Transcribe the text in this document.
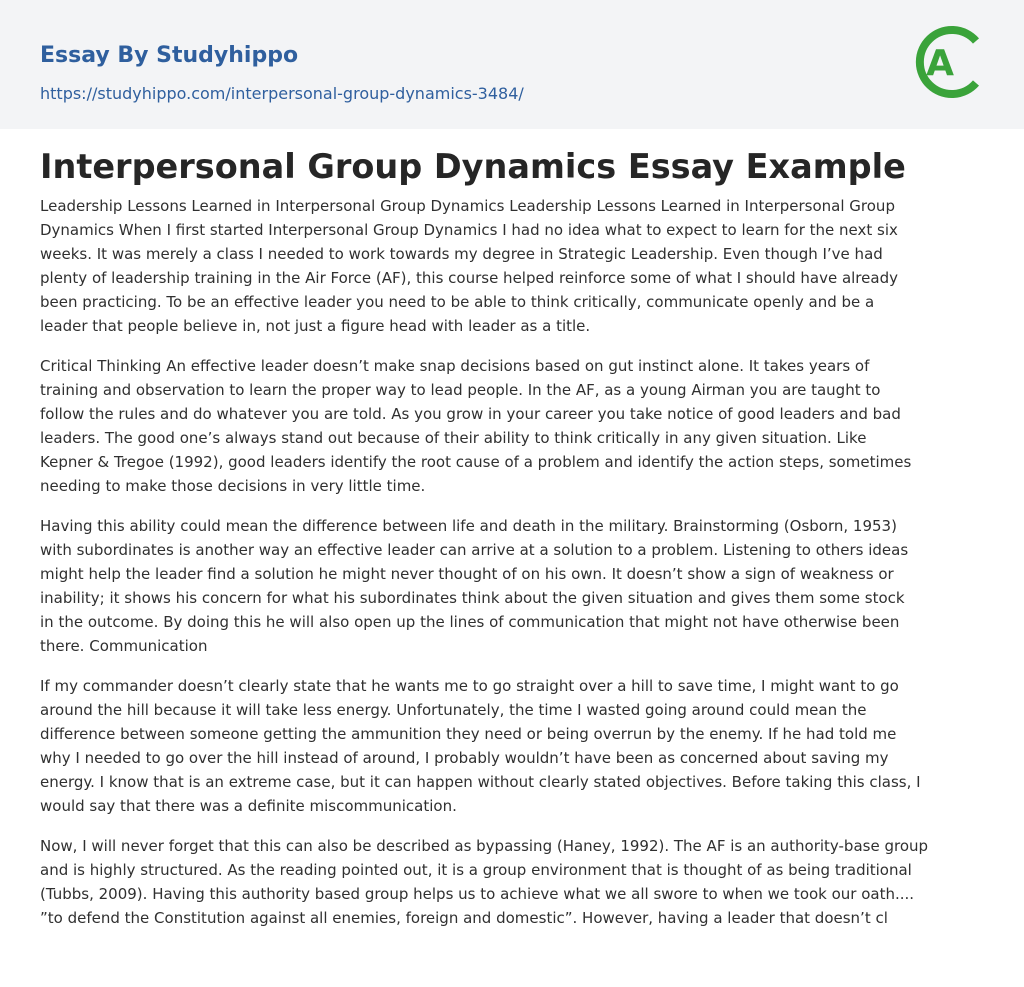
Essay By Studyhippo
https://studyhippo.com/interpersonal-group-dynamics-3484/
A
Interpersonal Group Dynamics Essay Example

Leadership Lessons Learned in Interpersonal Group Dynamics Leadership Lessons Learned in Interpersonal Group
Dynamics When I first started Interpersonal Group Dynamics I had no idea what to expect to learn for the next six
weeks. It was merely a class I needed to work towards my degree in Strategic Leadership. Even though I’ve had
plenty of leadership training in the Air Force (AF), this course helped reinforce some of what I should have already
been practicing. To be an effective leader you need to be able to think critically, communicate openly and be a
leader that people believe in, not just a figure head with leader as a title.

Critical Thinking An effective leader doesn’t make snap decisions based on gut instinct alone. It takes years of
training and observation to learn the proper way to lead people. In the AF, as a young Airman you are taught to
follow the rules and do whatever you are told. As you grow in your career you take notice of good leaders and bad
leaders. The good one’s always stand out because of their ability to think critically in any given situation. Like
Kepner & Tregoe (1992), good leaders identify the root cause of a problem and identify the action steps, sometimes
needing to make those decisions in very little time.

Having this ability could mean the difference between life and death in the military. Brainstorming (Osborn, 1953)
with subordinates is another way an effective leader can arrive at a solution to a problem. Listening to others ideas
might help the leader find a solution he might never thought of on his own. It doesn’t show a sign of weakness or
inability; it shows his concern for what his subordinates think about the given situation and gives them some stock
in the outcome. By doing this he will also open up the lines of communication that might not have otherwise been
there. Communication

If my commander doesn’t clearly state that he wants me to go straight over a hill to save time, I might want to go
around the hill because it will take less energy. Unfortunately, the time I wasted going around could mean the
difference between someone getting the ammunition they need or being overrun by the enemy. If he had told me
why I needed to go over the hill instead of around, I probably wouldn’t have been as concerned about saving my
energy. I know that is an extreme case, but it can happen without clearly stated objectives. Before taking this class, I
would say that there was a definite miscommunication.

Now, I will never forget that this can also be described as bypassing (Haney, 1992). The AF is an authority-base group
and is highly structured. As the reading pointed out, it is a group environment that is thought of as being traditional
(Tubbs, 2009). Having this authority based group helps us to achieve what we all swore to when we took our oath....
”to defend the Constitution against all enemies, foreign and domestic”. However, having a leader that doesn’t cl
